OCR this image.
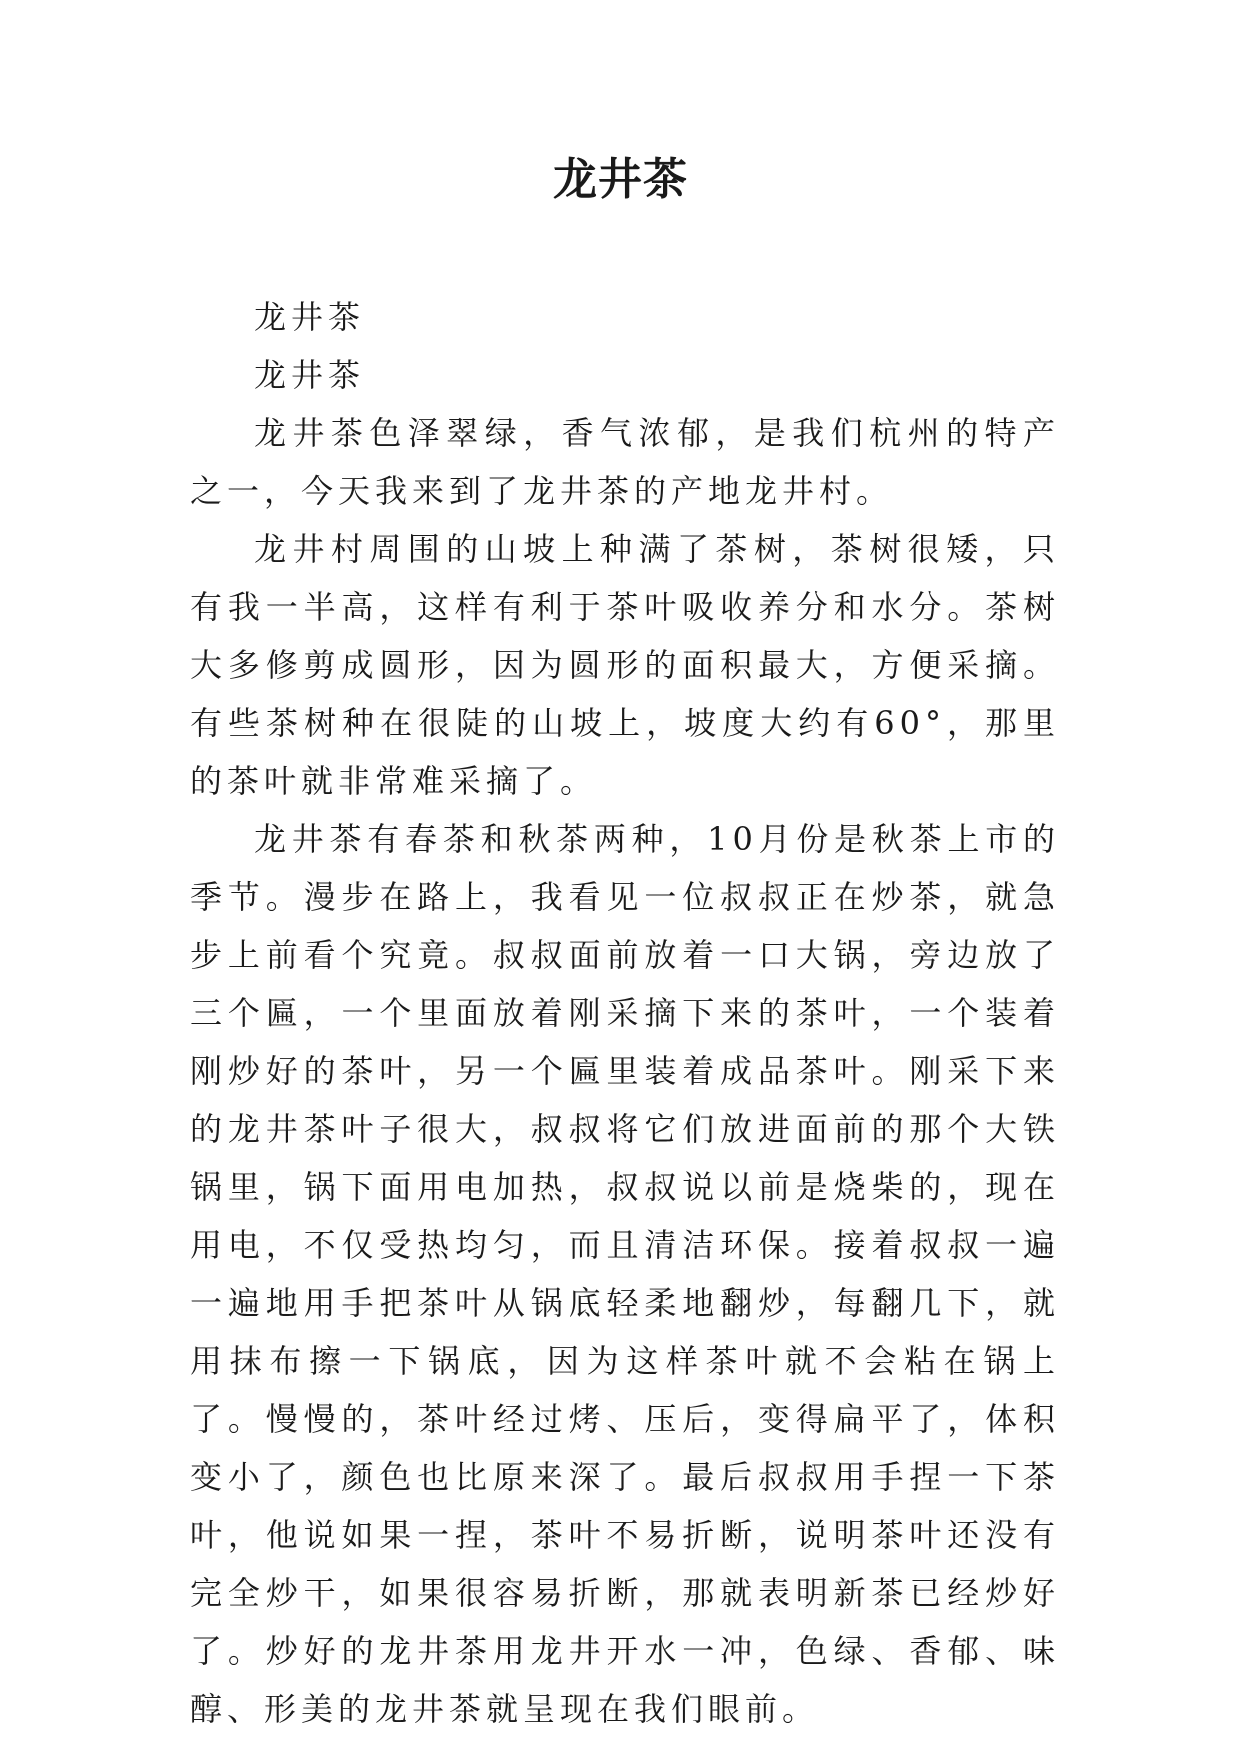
龙井茶

龙井茶

龙井茶

龙井茶色泽翠绿，香气浓郁，是我们杭州的特产之一，今天我来到了龙井茶的产地龙井村。

龙井村周围的山坡上种满了茶树，茶树很矮，只有我一半高，这样有利于茶叶吸收养分和水分。茶树大多修剪成圆形，因为圆形的面积最大，方便采摘。有些茶树种在很陡的山坡上，坡度大约有60°，那里的茶叶就非常难采摘了。

龙井茶有春茶和秋茶两种，10月份是秋茶上市的季节。漫步在路上，我看见一位叔叔正在炒茶，就急步上前看个究竟。叔叔面前放着一口大锅，旁边放了三个匾，一个里面放着刚采摘下来的茶叶，一个装着刚炒好的茶叶，另一个匾里装着成品茶叶。刚采下来的龙井茶叶子很大，叔叔将它们放进面前的那个大铁锅里，锅下面用电加热，叔叔说以前是烧柴的，现在用电，不仅受热均匀，而且清洁环保。接着叔叔一遍一遍地用手把茶叶从锅底轻柔地翻炒，每翻几下，就用抹布擦一下锅底，因为这样茶叶就不会粘在锅上了。慢慢的，茶叶经过烤、压后，变得扁平了，体积变小了，颜色也比原来深了。最后叔叔用手捏一下茶叶，他说如果一捏，茶叶不易折断，说明茶叶还没有完全炒干，如果很容易折断，那就表明新茶已经炒好了。炒好的龙井茶用龙井开水一冲，色绿、香郁、味醇、形美的龙井茶就呈现在我们眼前。
